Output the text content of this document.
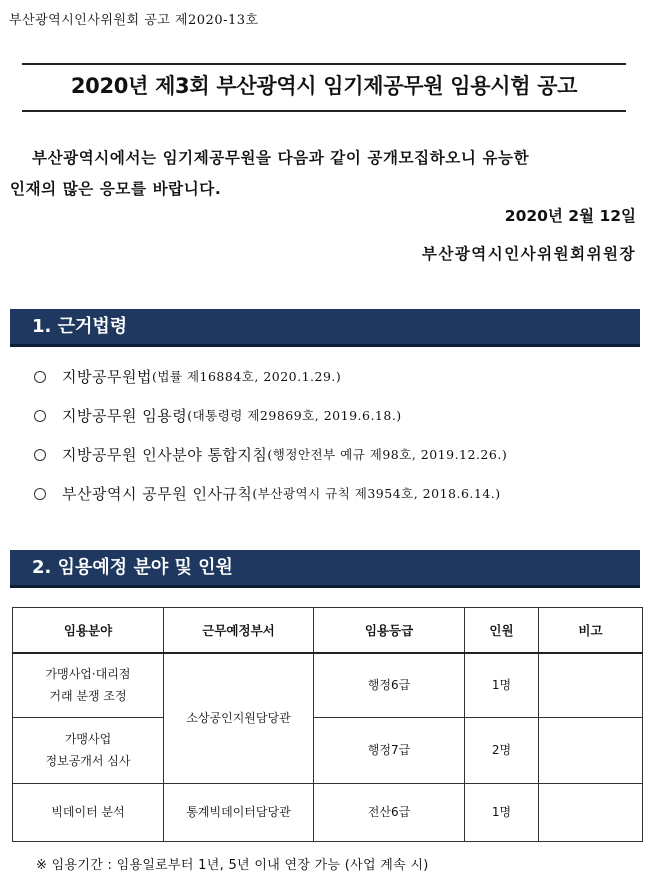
부산광역시인사위원회 공고 제2020-13호
2020년 제3회 부산광역시 임기제공무원 임용시험 공고
부산광역시에서는 임기제공무원을 다음과 같이 공개모집하오니 유능한
인재의 많은 응모를 바랍니다.
2020년 2월 12일
부산광역시인사위원회위원장
1. 근거법령
지방공무원법 (법률 제16884호, 2020.1.29.)
지방공무원 임용령 (대통령령 제29869호, 2019.6.18.)
지방공무원 인사분야 통합지침 (행정안전부 예규 제98호, 2019.12.26.)
부산광역시 공무원 인사규칙 (부산광역시 규칙 제3954호, 2018.6.14.)
2. 임용예정 분야 및 인원
임용분야	근무예정부서	임용등급	인원	비고

가맹사업·대리점
거래 분쟁 조정	소상공인지원담당관	행정6급	1명	

가맹사업
정보공개서 심사		행정7급	2명	
빅데이터 분석	통계빅데이터담당관	전산6급	1명	
※ 임용기간 : 임용일로부터 1년, 5년 이내 연장 가능 (사업 계속 시)
